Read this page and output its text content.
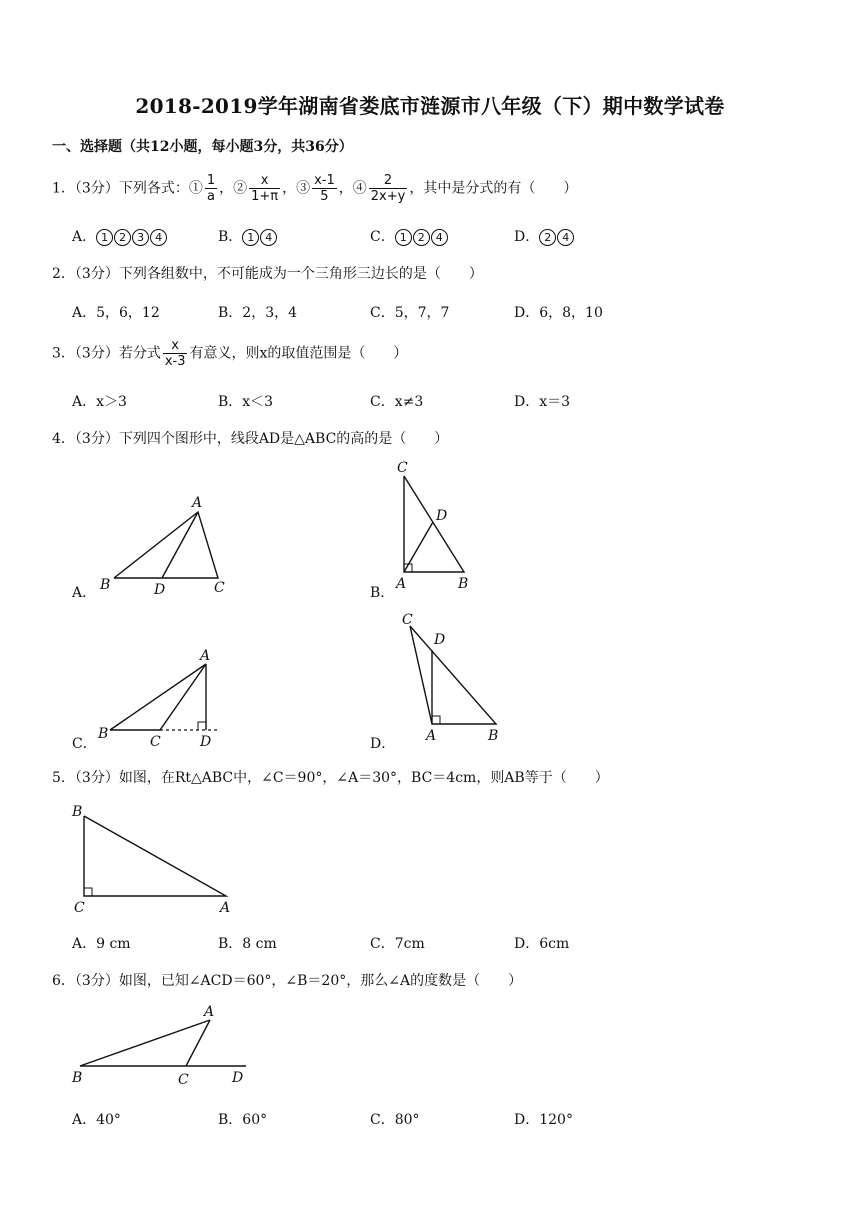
2018-2019学年湖南省娄底市涟源市八年级（下）期中数学试卷
一、选择题（共12小题，每小题3分，共36分）
1．（3分）下列各式：① $\frac{1}{a}$ ，② $\frac{x}{1+\pi}$ ，③ $\frac{x-1}{5}$ ，④ $\frac{2}{2x+y}$ ，其中是分式的有（　　）
A． 1 2 3 4	B． 1 4	C． 1 2 4	D． 2 4
2．（3分）下列各组数中，不可能成为一个三角形三边长的是（　　）
A．5，6，12	B．2，3，4	C．5，7，7	D．6，8，10
3．（3分）若分式 $\frac{x}{x-3}$ 有意义，则x的取值范围是（　　）
A．x＞3	B．x＜3	C．x≠3	D．x＝3
4．（3分）下列四个图形中，线段AD是△ABC的高的是（　　）
A．
A
B	D	C	B．
C
D
A	B
C．
A
B	C	D	D．
C
D
A	B
5．（3分）如图，在Rt△ABC中，∠C＝90°，∠A＝30°，BC＝4cm，则AB等于（　　）
B
C	A
A．9 cm	B．8 cm	C．7cm	D．6cm
6．（3分）如图，已知∠ACD＝60°，∠B＝20°，那么∠A的度数是（　　）
A
B	C	D
A．40°	B．60°	C．80°	D．120°
